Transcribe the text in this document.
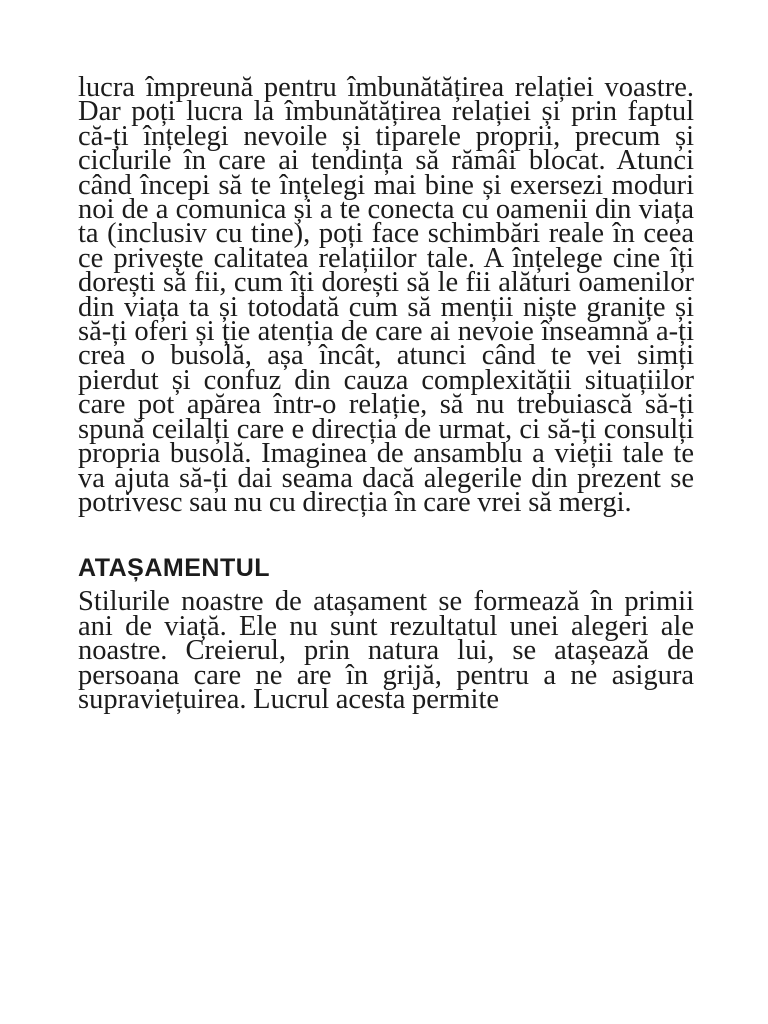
lucra împreună pentru îmbunătățirea relației voastre. Dar poți lucra la îmbunătățirea relației și prin faptul că-ți înțelegi nevoile și tiparele proprii, precum și ciclurile în care ai tendința să rămâi blocat. Atunci când începi să te înțelegi mai bine și exersezi moduri noi de a comunica și a te conecta cu oamenii din viața ta (inclusiv cu tine), poți face schimbări reale în ceea ce privește calitatea relațiilor tale. A înțelege cine îți dorești să fii, cum îți dorești să le fii alături oamenilor din viața ta și totodată cum să menții niște granițe și să-ți oferi și ție atenția de care ai nevoie înseamnă a-ți crea o busolă, așa încât, atunci când te vei simți pierdut și confuz din cauza complexității situațiilor care pot apărea într-o relație, să nu trebuiască să-ți spună ceilalți care e direcția de urmat, ci să-ți consulți propria busolă. Imaginea de ansamblu a vieții tale te va ajuta să-ți dai seama dacă alegerile din prezent se potrivesc sau nu cu direcția în care vrei să mergi.

ATAȘAMENTUL

Stilurile noastre de atașament se formează în primii ani de viață. Ele nu sunt rezultatul unei alegeri ale noastre. Creierul, prin natura lui, se atașează de persoana care ne are în grijă, pentru a ne asigura supraviețuirea. Lucrul acesta permite
